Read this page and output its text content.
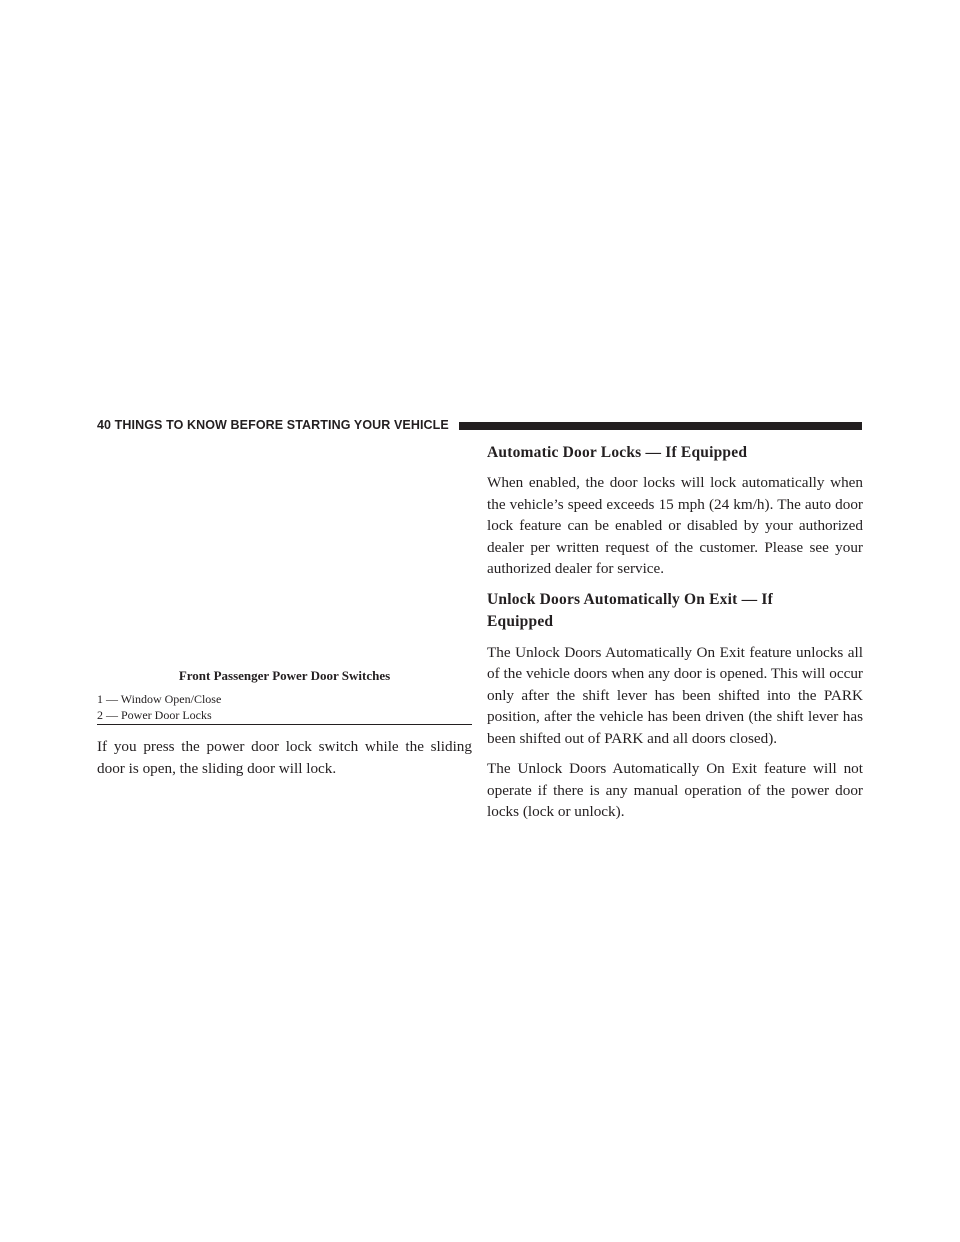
40 THINGS TO KNOW BEFORE STARTING YOUR VEHICLE
Front Passenger Power Door Switches
1 — Window Open/Close
2 — Power Door Locks

If you press the power door lock switch while the sliding door is open, the sliding door will lock.

Automatic Door Locks — If Equipped

When enabled, the door locks will lock automatically when the vehicle’s speed exceeds 15 mph (24 km/h). The auto door lock feature can be enabled or disabled by your authorized dealer per written request of the customer. Please see your authorized dealer for service.

Unlock Doors Automatically On Exit — If
Equipped

The Unlock Doors Automatically On Exit feature unlocks all of the vehicle doors when any door is opened. This will occur only after the shift lever has been shifted into the PARK position, after the vehicle has been driven (the shift lever has been shifted out of PARK and all doors closed).

The Unlock Doors Automatically On Exit feature will not operate if there is any manual operation of the power door locks (lock or unlock).
